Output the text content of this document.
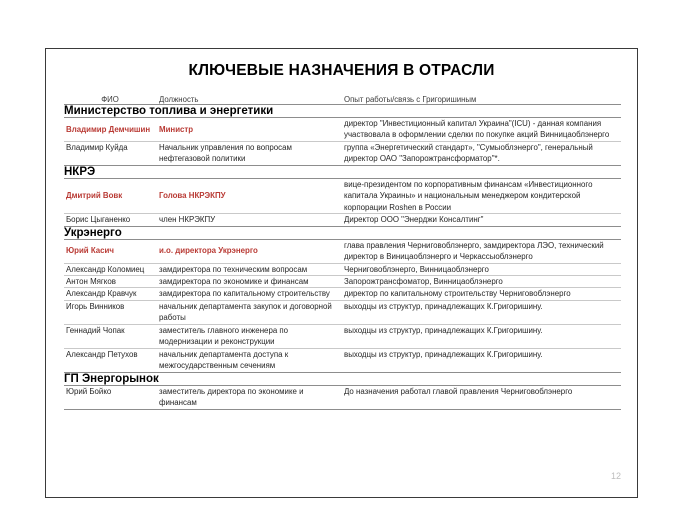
КЛЮЧЕВЫЕ НАЗНАЧЕНИЯ В ОТРАСЛИ
ФИО	Должность	Опыт работы/связь с Григоришиным
Министерство топлива и энергетики		
Владимир Демчишин	Министр	директор "Инвестиционный капитал Украина"(ICU) - данная компания участвовала в оформлении сделки по покупке акций Винницаоблэнерго
Владимир Куйда	Начальник управления по вопросам нефтегазовой политики	группа «Энергетический стандарт», "Сумыоблэнерго", генеральный директор ОАО "Запорожтрансформатор"*.
НКРЭ		
Дмитрий Вовк	Голова НКРЭКПУ	вице-президентом по корпоративным финансам «Инвестиционного капитала Украины» и национальным менеджером кондитерской корпорации Roshen в России
Борис Цыганенко	член НКРЭКПУ	Директор ООО "Энерджи Консалтинг"
Укрэнерго		
Юрий Касич	и.о. директора Укрэнерго	глава правления Черниговоблэнерго, замдиректора ЛЭО, технический директор в Виницаоблэнерго и Черкассыоблэнерго
Александр Коломиец	замдиректора по техническим вопросам	Черниговоблэнерго, Винницаоблэнерго
Антон Мягков	замдиректора по экономике и финансам	Запорожтрансфоматор, Винницаоблэнерго
Александр Кравчук	замдиректора по капитальному строительству	директор по капитальному строительству Черниговоблэнерго
Игорь Винников	начальник департамента закупок и договорной работы	выходцы из структур, принадлежащих К.Григоришину.
Геннадий Чопак	заместитель главного инженера по модернизации и реконструкции	выходцы из структур, принадлежащих К.Григоришину.
Александр Петухов	начальник департамента доступа к межгосударственным сечениям	выходцы из структур, принадлежащих К.Григоришину.
ГП Энергорынок		
Юрий Бойко	заместитель директора по экономике и финансам	До назначения работал главой правления Черниговоблэнерго
12
